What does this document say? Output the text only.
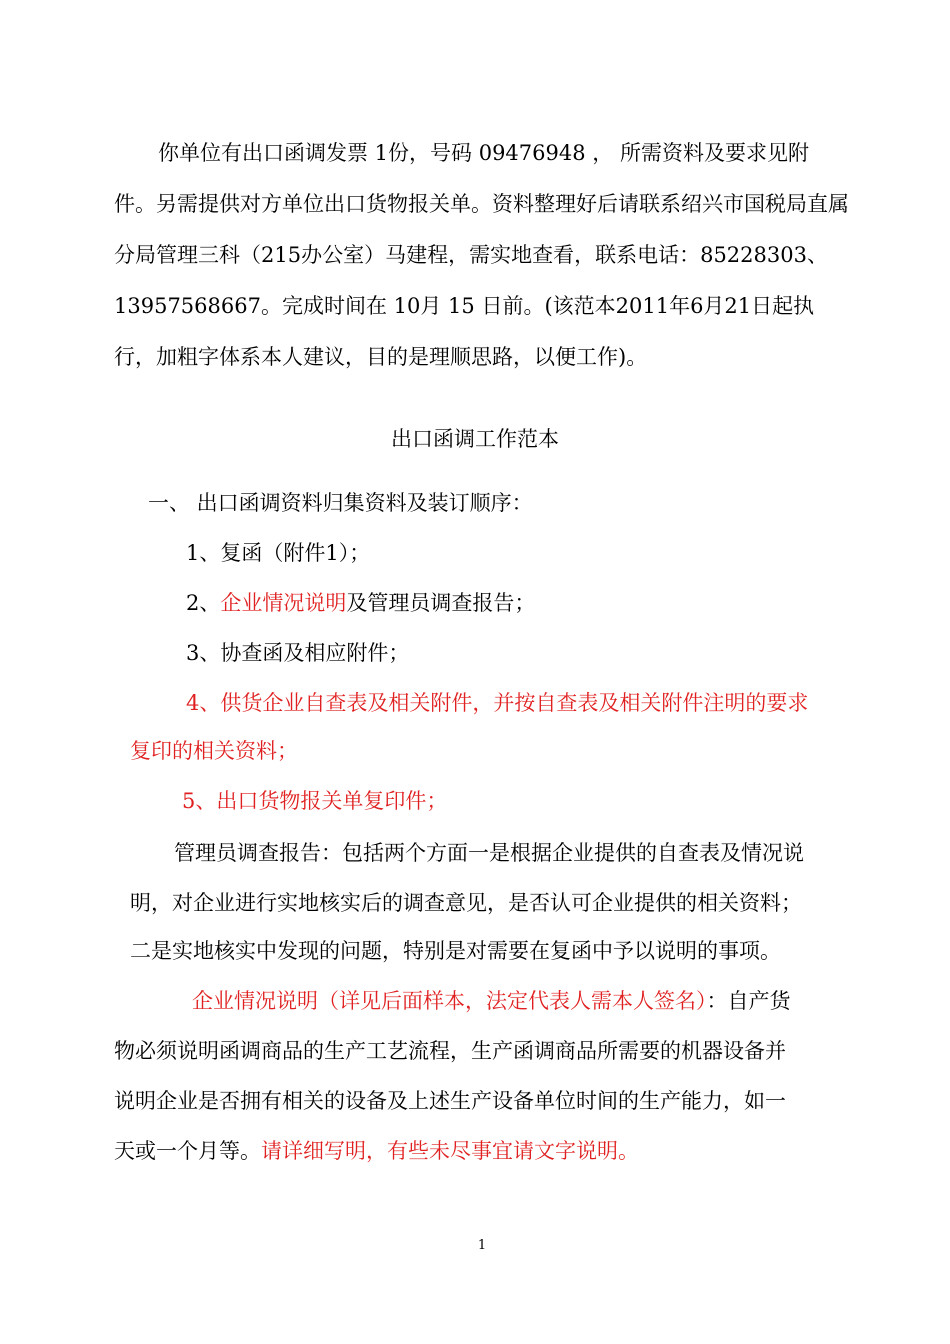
你单位有出口函调发票 1份，号码 09476948 ， 所需资料及要求见附件。另需提供对方单位出口货物报关单。资料整理好后请联系绍兴市国税局直属分局管理三科（215办公室）马建程，需实地查看，联系电话：85228303、13957568667。完成时间在 10月 15 日前。(该范本2011年6月21日起执行，加粗字体系本人建议，目的是理顺思路，以便工作)。

出口函调工作范本

一、 出口函调资料归集资料及装订顺序：

1、复函（附件1）；

2、企业情况说明及管理员调查报告；

3、协查函及相应附件；

4、供货企业自查表及相关附件，并按自查表及相关附件注明的要求

复印的相关资料；

5、出口货物报关单复印件；

管理员调查报告：包括两个方面一是根据企业提供的自查表及情况说

明，对企业进行实地核实后的调查意见，是否认可企业提供的相关资料；

二是实地核实中发现的问题，特别是对需要在复函中予以说明的事项。

企业情况说明（详见后面样本，法定代表人需本人签名）：自产货

物必须说明函调商品的生产工艺流程，生产函调商品所需要的机器设备并

说明企业是否拥有相关的设备及上述生产设备单位时间的生产能力，如一

天或一个月等。请详细写明，有些未尽事宜请文字说明。

1
